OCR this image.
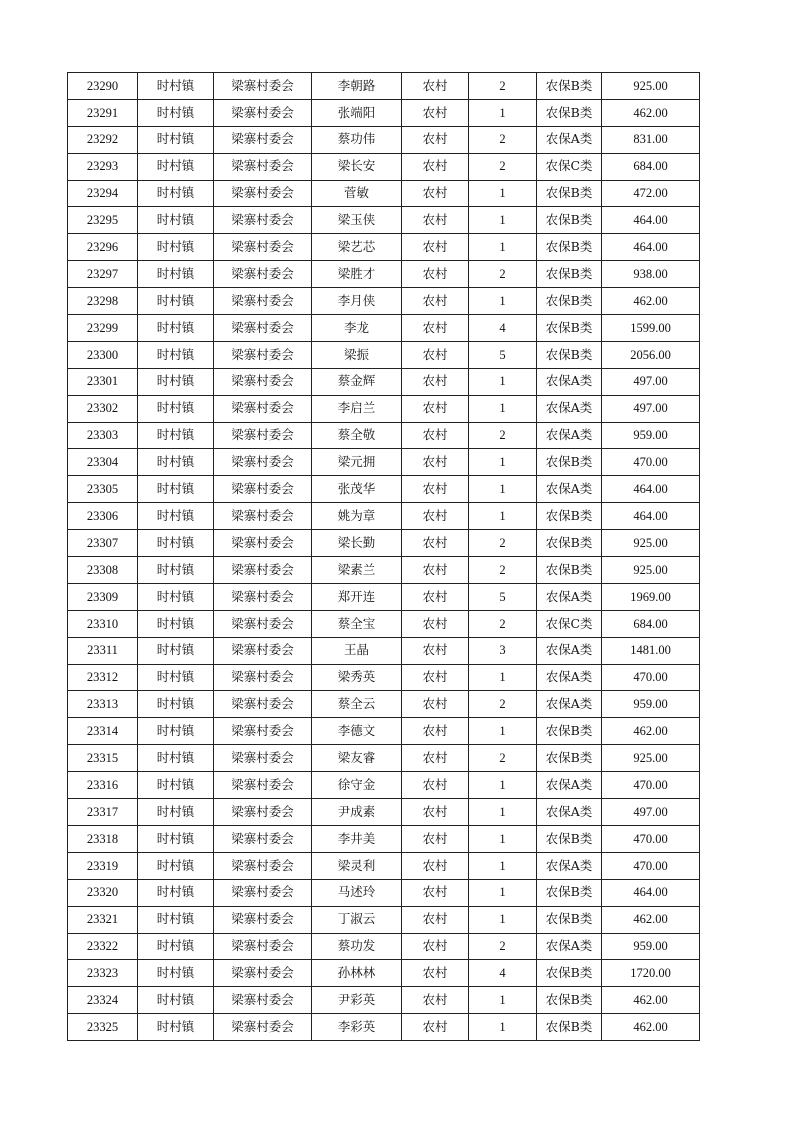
23290	时村镇	梁寨村委会	李朝路	农村	2	农保B类	925.00
23291	时村镇	梁寨村委会	张端阳	农村	1	农保B类	462.00
23292	时村镇	梁寨村委会	蔡功伟	农村	2	农保A类	831.00
23293	时村镇	梁寨村委会	梁长安	农村	2	农保C类	684.00
23294	时村镇	梁寨村委会	菅敏	农村	1	农保B类	472.00
23295	时村镇	梁寨村委会	梁玉侠	农村	1	农保B类	464.00
23296	时村镇	梁寨村委会	梁艺芯	农村	1	农保B类	464.00
23297	时村镇	梁寨村委会	梁胜才	农村	2	农保B类	938.00
23298	时村镇	梁寨村委会	李月侠	农村	1	农保B类	462.00
23299	时村镇	梁寨村委会	李龙	农村	4	农保B类	1599.00
23300	时村镇	梁寨村委会	梁振	农村	5	农保B类	2056.00
23301	时村镇	梁寨村委会	蔡金辉	农村	1	农保A类	497.00
23302	时村镇	梁寨村委会	李启兰	农村	1	农保A类	497.00
23303	时村镇	梁寨村委会	蔡全敬	农村	2	农保A类	959.00
23304	时村镇	梁寨村委会	梁元拥	农村	1	农保B类	470.00
23305	时村镇	梁寨村委会	张茂华	农村	1	农保A类	464.00
23306	时村镇	梁寨村委会	姚为章	农村	1	农保B类	464.00
23307	时村镇	梁寨村委会	梁长勤	农村	2	农保B类	925.00
23308	时村镇	梁寨村委会	梁素兰	农村	2	农保B类	925.00
23309	时村镇	梁寨村委会	郑开连	农村	5	农保A类	1969.00
23310	时村镇	梁寨村委会	蔡全宝	农村	2	农保C类	684.00
23311	时村镇	梁寨村委会	王晶	农村	3	农保A类	1481.00
23312	时村镇	梁寨村委会	梁秀英	农村	1	农保A类	470.00
23313	时村镇	梁寨村委会	蔡全云	农村	2	农保A类	959.00
23314	时村镇	梁寨村委会	李德文	农村	1	农保B类	462.00
23315	时村镇	梁寨村委会	梁友睿	农村	2	农保B类	925.00
23316	时村镇	梁寨村委会	徐守金	农村	1	农保A类	470.00
23317	时村镇	梁寨村委会	尹成素	农村	1	农保A类	497.00
23318	时村镇	梁寨村委会	李井美	农村	1	农保B类	470.00
23319	时村镇	梁寨村委会	梁灵利	农村	1	农保A类	470.00
23320	时村镇	梁寨村委会	马述玲	农村	1	农保B类	464.00
23321	时村镇	梁寨村委会	丁淑云	农村	1	农保B类	462.00
23322	时村镇	梁寨村委会	蔡功发	农村	2	农保A类	959.00
23323	时村镇	梁寨村委会	孙林林	农村	4	农保B类	1720.00
23324	时村镇	梁寨村委会	尹彩英	农村	1	农保B类	462.00
23325	时村镇	梁寨村委会	李彩英	农村	1	农保B类	462.00
